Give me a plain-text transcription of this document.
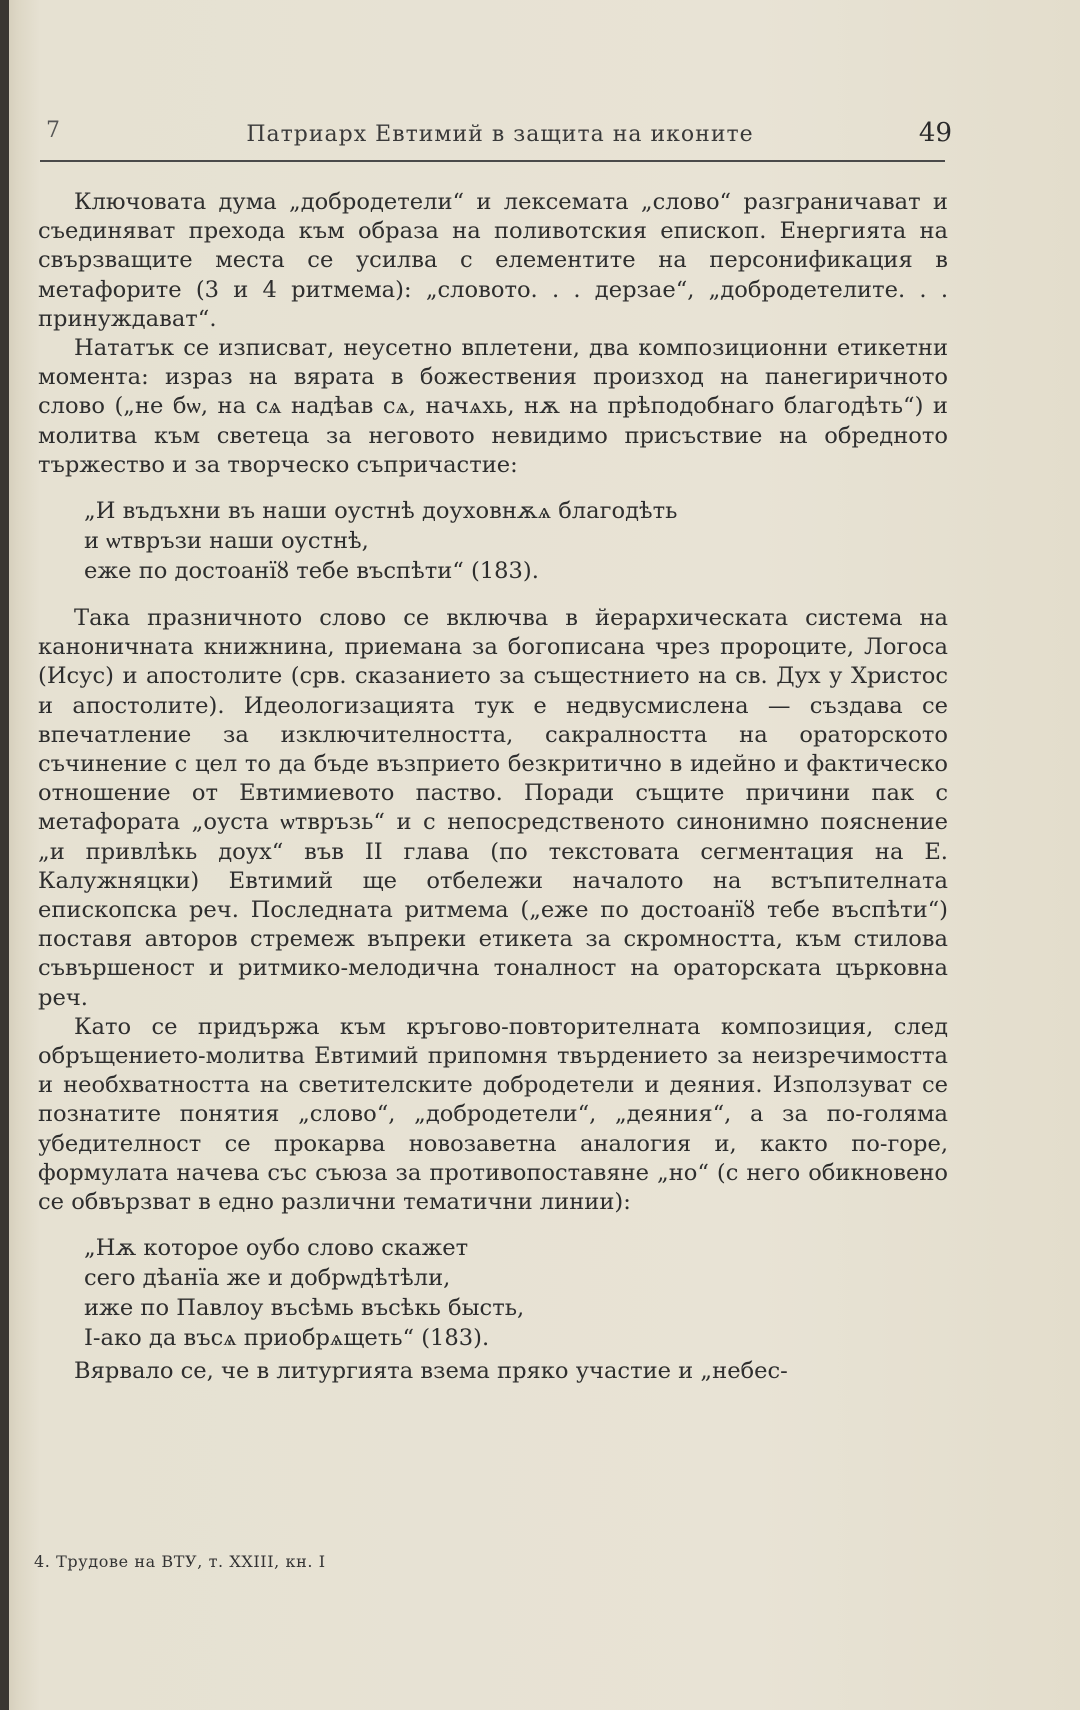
7	Патриарх Евтимий в защита на иконите	49

Ключовата дума „добродетели“ и лексемата „слово“ разграничават и съединяват прехода към образа на поливотския епископ. Енергията на свързващите места се усилва с елементите на персонификация в метафорите (3 и 4 ритмема): „словото. . . дерзае“, „добродетелите. . . принуждават“.

Нататък се изписват, неусетно вплетени, два композиционни етикетни момента: израз на вярата в божествения произход на панегиричното слово („не бѡ, на сѧ надѣав сѧ, начѧхь, нѫ на прѣподобнаго благодѣть“) и молитва към светеца за неговото невидимо присъствие на обредното тържество и за творческо съпричастие:

„И въдъхни въ наши оустнѣ доуховнѫѧ благодѣть
и ѡтвръзи наши оустнѣ,
еже по достоанїȣ тебе въспѣти“ (183).

Така празничното слово се включва в йерархическата система на каноничната книжнина, приемана за богописана чрез пророците, Логоса (Исус) и апостолите (срв. сказанието за същестнието на св. Дух у Христос и апостолите). Идеологизацията тук е недвусмислена — създава се впечатление за изключителността, сакралността на ораторското съчинение с цел то да бъде възприето безкритично в идейно и фактическо отношение от Евтимиевото паство. Поради същите причини пак с метафората „оуста ѡтвръзь“ и с непосредственото синонимно пояснение „и привлѣкь доух“ във II глава (по текстовата сегментация на Е. Калужняцки) Евтимий ще отбележи началото на встъпителната епископска реч. Последната ритмема („еже по достоанїȣ тебе въспѣти“) поставя авторов стремеж въпреки етикета за скромността, към стилова съвършеност и ритмико-мелодична тоналност на ораторската църковна реч.

Като се придържа към кръгово-повторителната композиция, след обръщението-молитва Евтимий припомня твърдението за неизречимостта и необхватността на светителските добродетели и деяния. Използуват се познатите понятия „слово“, „добродетели“, „деяния“, а за по-голяма убедителност се прокарва новозаветна аналогия и, както по-горе, формулата начева със съюза за противопоставяне „но“ (с него обикновено се обвързват в едно различни тематични линии):

„Нѫ которое оубо слово скажет
сего дѣанїа же и добрѡдѣтѣли,
иже по Павлоу въсѣмь въсѣкь бысть,
І-ако да въсѧ приобрѧщеть“ (183).

Вярвало се, че в литургията взема пряко участие и „небес-

4. Трудове на ВТУ, т. XXIII, кн. I
